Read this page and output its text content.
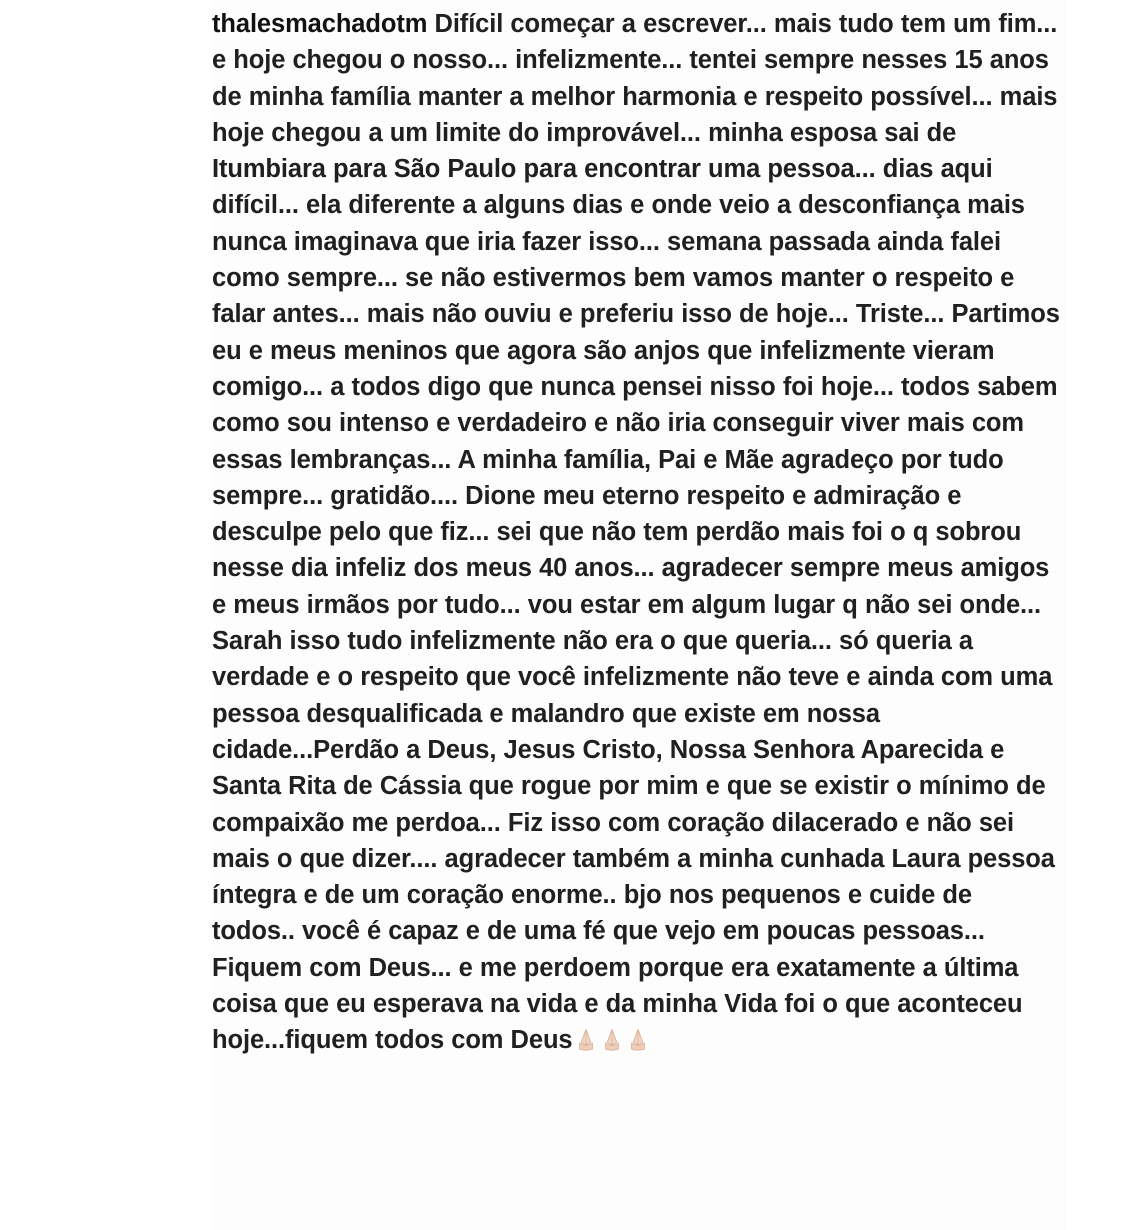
thalesmachadotm Difícil começar a escrever... mais tudo tem um fim... e hoje chegou o nosso... infelizmente... tentei sempre nesses 15 anos de minha família manter a melhor harmonia e respeito possível... mais hoje chegou a um limite do improvável... minha esposa sai de Itumbiara para São Paulo para encontrar uma pessoa... dias aqui difícil... ela diferente a alguns dias e onde veio a desconfiança mais nunca imaginava que iria fazer isso... semana passada ainda falei como sempre... se não estivermos bem vamos manter o respeito e falar antes... mais não ouviu e preferiu isso de hoje... Triste... Partimos eu e meus meninos que agora são anjos que infelizmente vieram comigo... a todos digo que nunca pensei nisso foi hoje... todos sabem como sou intenso e verdadeiro e não iria conseguir viver mais com essas lembranças... A minha família, Pai e Mãe agradeço por tudo sempre... gratidão.... Dione meu eterno respeito e admiração e desculpe pelo que fiz... sei que não tem perdão mais foi o q sobrou nesse dia infeliz dos meus 40 anos... agradecer sempre meus amigos e meus irmãos por tudo... vou estar em algum lugar q não sei onde... Sarah isso tudo infelizmente não era o que queria... só queria a verdade e o respeito que você infelizmente não teve e ainda com uma pessoa desqualificada e malandro que existe em nossa cidade...Perdão a Deus, Jesus Cristo, Nossa Senhora Aparecida e Santa Rita de Cássia que rogue por mim e que se existir o mínimo de compaixão me perdoa... Fiz isso com coração dilacerado e não sei mais o que dizer.... agradecer também a minha cunhada Laura pessoa íntegra e de um coração enorme.. bjo nos pequenos e cuide de todos.. você é capaz e de uma fé que vejo em poucas pessoas... Fiquem com Deus... e me perdoem porque era exatamente a última coisa que eu esperava na vida e da minha Vida foi o que aconteceu hoje...fiquem todos com Deus
